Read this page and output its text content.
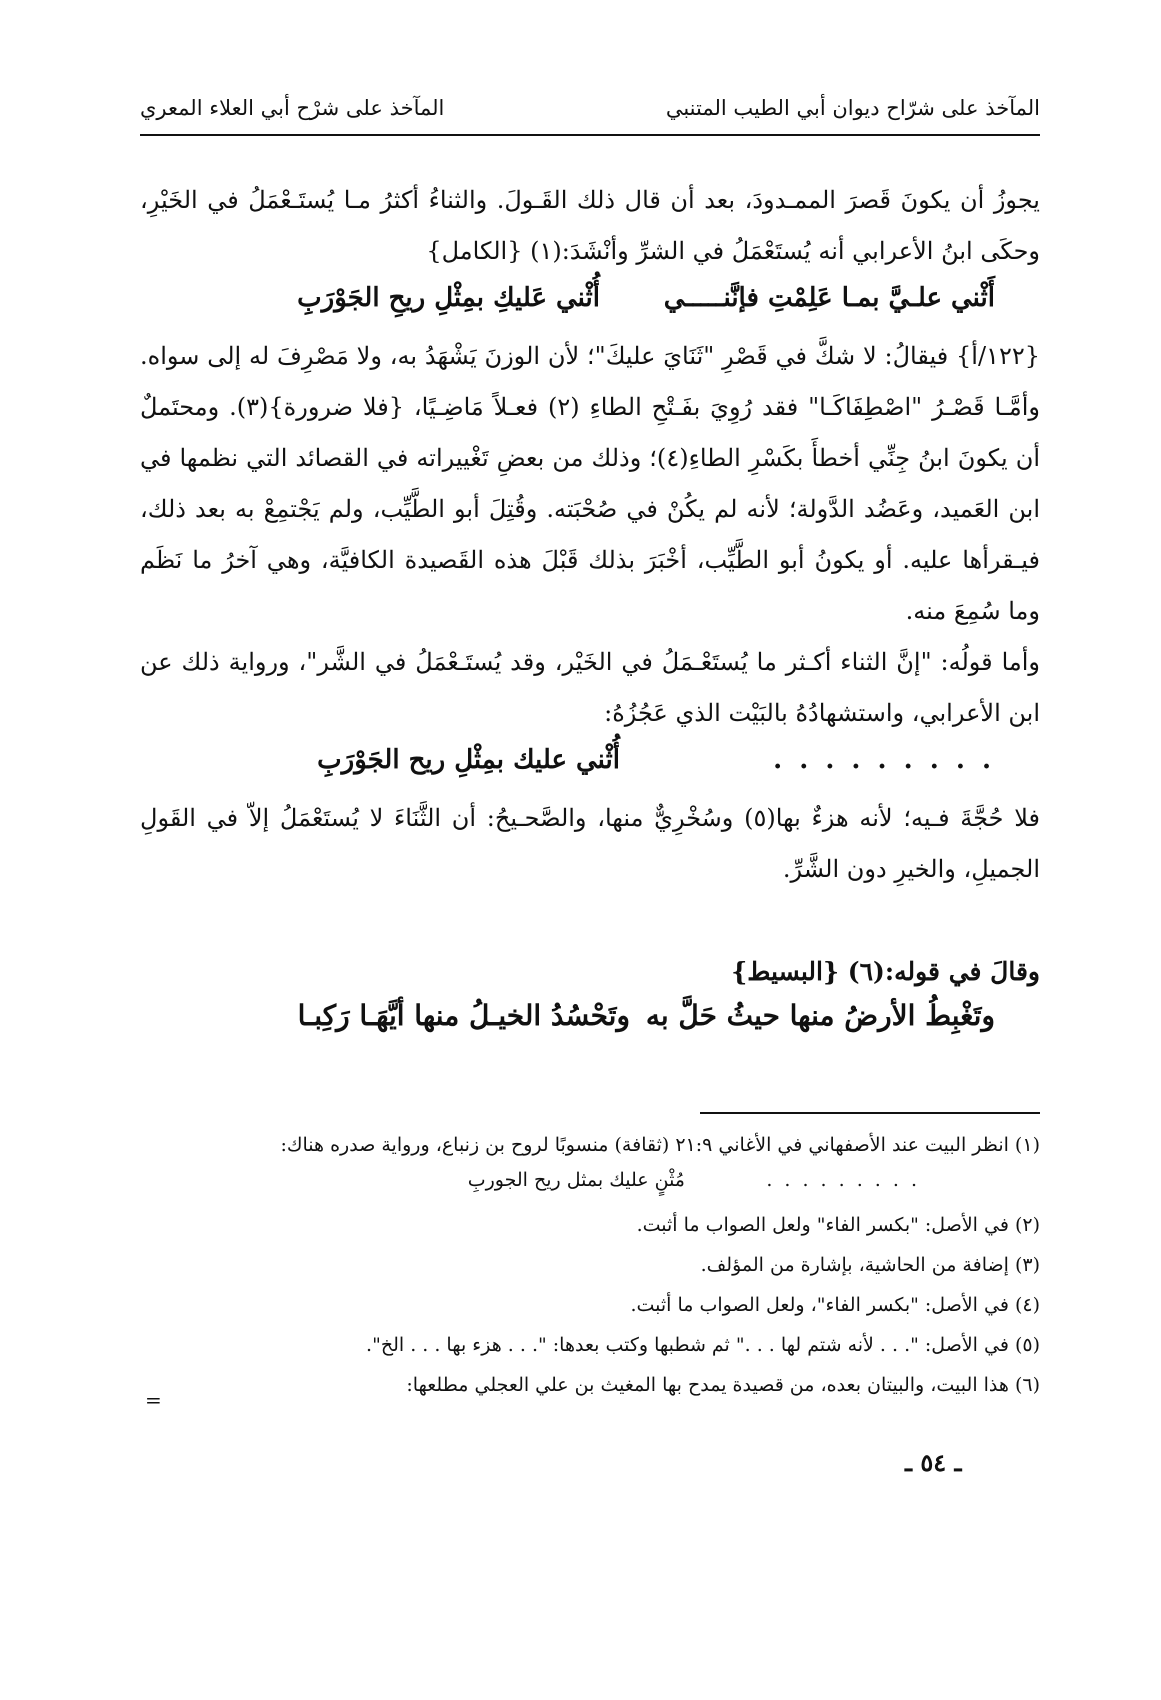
المآخذ على شرّاح ديوان أبي الطيب المتنبي
المآخذ على شرْح أبي العلاء المعري

يجوزُ أن يكونَ قَصرَ الممـدودَ، بعد أن قال ذلك القَـولَ. والثناءُ أكثرُ مـا يُستَـعْمَلُ في الخَيْرِ، وحكَى ابنُ الأعرابي أنه يُستَعْمَلُ في الشرِّ وأنْشَدَ:(١) {الكامل}

أَثْني علـيَّ بمـا عَلِمْتِ فإنَّنـــــي
أُثْني عَليكِ بمِثْلِ ريحِ الجَوْرَبِ

{١٢٢/أ} فيقالُ: لا شكَّ في قَصْرِ "ثَنَايَ عليكَ"؛ لأن الوزنَ يَشْهَدُ به، ولا مَصْرِفَ له إلى سواه. وأمَّـا قَصْـرُ "اصْطِفَاكَـا" فقد رُوِيَ بفَـتْحِ الطاءِ (٢) فعـلاً مَاضِـيًا، {فلا ضرورة}(٣). ومحتَملٌ أن يكونَ ابنُ جِنِّي أخطأَ بكَسْرِ الطاءِ(٤)؛ وذلك من بعضِ تَغْييراته في القصائد التي نظمها في ابن العَميد، وعَضُد الدَّولة؛ لأنه لم يكُنْ في صُحْبَته. وقُتِلَ أبو الطَّيِّب، ولم يَجْتمِعْ به بعد ذلك، فيـقرأها عليه. أو يكونُ أبو الطَّيِّب، أخْبَرَ بذلك قَبْلَ هذه القَصيدة الكافيَّة، وهي آخرُ ما نَظَم وما سُمِعَ منه.

وأما قولُه: "إنَّ الثناء أكـثر ما يُستَعْـمَلُ في الخَيْر، وقد يُستَـعْمَلُ في الشَّر"، ورواية ذلك عن ابن الأعرابي، واستشهادُهُ بالبَيْت الذي عَجُزُهُ:

. . . . . . . . .
أُثْني عليك بمِثْلِ ريح الجَوْرَبِ

فلا حُجَّةَ فـيه؛ لأنه هزءٌ بها(٥) وسُخْرِيٌّ منها، والصَّحـيحُ: أن الثَّنَاءَ لا يُستَعْمَلُ إلاّ في القَولِ الجميلِ، والخيرِ دون الشَّرِّ.

وقالَ في قوله:(٦) {البسيط}

وتَغْبِطُ الأرضُ منها حيثُ حَلَّ به
وتَحْسُدُ الخيـلُ منها أيَّهَـا رَكِبـا

(١) انظر البيت عند الأصفهاني في الأغاني ٢١:٩ (ثقافة) منسوبًا لروح بن زنباع، ورواية صدره هناك:

. . . . . . . . .
مُثْنٍ عليك بمثل ريح الجوربِ

(٢) في الأصل: "بكسر الفاء" ولعل الصواب ما أثبت.

(٣) إضافة من الحاشية، بإشارة من المؤلف.

(٤) في الأصل: "بكسر الفاء"، ولعل الصواب ما أثبت.

(٥) في الأصل: ". . . لأنه شتم لها . . ." ثم شطبها وكتب بعدها: ". . . هزء بها . . . الخ".

(٦) هذا البيت، والبيتان بعده، من قصيدة يمدح بها المغيث بن علي العجلي مطلعها:

=
ـ ٥٤ ـ
